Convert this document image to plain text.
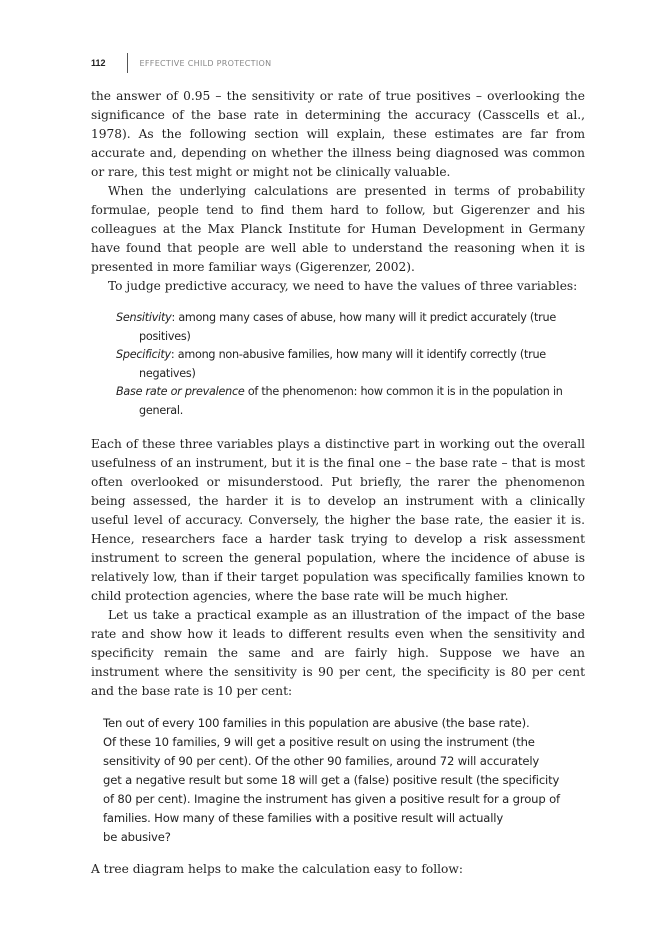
112	EFFECTIVE CHILD PROTECTION

the answer of 0.95 – the sensitivity or rate of true positives – overlooking the significance of the base rate in determining the accuracy (Casscells et al., 1978). As the following section will explain, these estimates are far from accurate and, depending on whether the illness being diagnosed was common or rare, this test might or might not be clinically valuable.

When the underlying calculations are presented in terms of probability formulae, people tend to find them hard to follow, but Gigerenzer and his colleagues at the Max Planck Institute for Human Development in Germany have found that people are well able to understand the reasoning when it is presented in more familiar ways (Gigerenzer, 2002).

To judge predictive accuracy, we need to have the values of three variables:

Sensitivity: among many cases of abuse, how many will it predict accurately (true positives)

Specificity: among non-abusive families, how many will it identify correctly (true negatives)

Base rate or prevalence of the phenomenon: how common it is in the population in general.

Each of these three variables plays a distinctive part in working out the overall usefulness of an instrument, but it is the final one – the base rate – that is most often overlooked or misunderstood. Put briefly, the rarer the phenomenon being assessed, the harder it is to develop an instrument with a clinically useful level of accuracy. Conversely, the higher the base rate, the easier it is. Hence, researchers face a harder task trying to develop a risk assessment instrument to screen the general population, where the incidence of abuse is relatively low, than if their target population was specifically families known to child protection agencies, where the base rate will be much higher.

Let us take a practical example as an illustration of the impact of the base rate and show how it leads to different results even when the sensitivity and specificity remain the same and are fairly high. Suppose we have an instrument where the sensitivity is 90 per cent, the specificity is 80 per cent and the base rate is 10 per cent:

Ten out of every 100 families in this population are abusive (the base rate).

Of these 10 families, 9 will get a positive result on using the instrument (the

sensitivity of 90 per cent). Of the other 90 families, around 72 will accurately

get a negative result but some 18 will get a (false) positive result (the specificity

of 80 per cent). Imagine the instrument has given a positive result for a group of

families. How many of these families with a positive result will actually

be abusive?

A tree diagram helps to make the calculation easy to follow:
